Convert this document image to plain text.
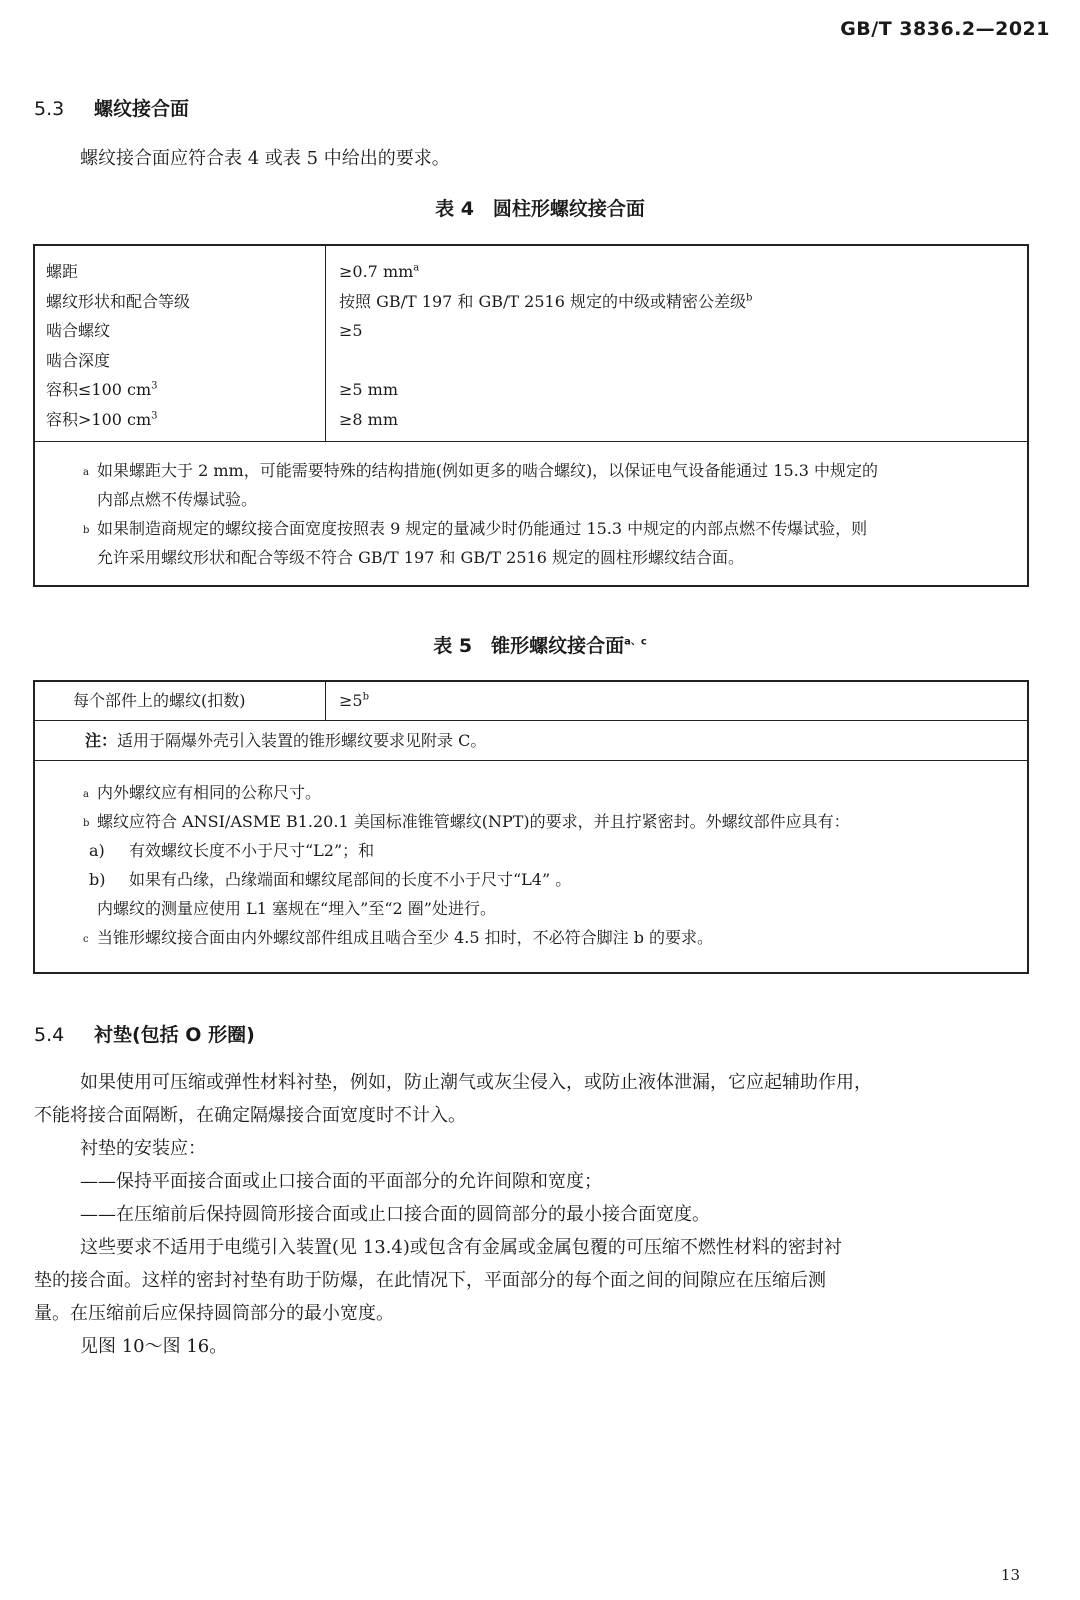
GB/T 3836.2—2021
5.3 螺纹接合面
螺纹接合面应符合表 4 或表 5 中给出的要求。
表 4　圆柱形螺纹接合面
螺距
螺纹形状和配合等级
啮合螺纹
啮合深度
容积≤100 $cm^3$
容积>100 $cm^3$
≥0.7 $mm^a$
按照 GB/T 197 和 GB/T 2516 规定的中级或精密公差级$^b$
≥5

≥5 mm
≥8 mm
a 如果螺距大于 2 mm，可能需要特殊的结构措施(例如更多的啮合螺纹)，以保证电气设备能通过 15.3 中规定的
内部点燃不传爆试验。
b 如果制造商规定的螺纹接合面宽度按照表 9 规定的量减少时仍能通过 15.3 中规定的内部点燃不传爆试验，则
允许采用螺纹形状和配合等级不符合 GB/T 197 和 GB/T 2516 规定的圆柱形螺纹结合面。
表 5　锥形螺纹接合面$^{a、c}$
每个部件上的螺纹(扣数)	$\ge 5^b$
注：适用于隔爆外壳引入装置的锥形螺纹要求见附录 C。
a 内外螺纹应有相同的公称尺寸。
b 螺纹应符合 ANSI/ASME B1.20.1 美国标准锥管螺纹(NPT)的要求，并且拧紧密封。外螺纹部件应具有：
a) 有效螺纹长度不小于尺寸“L2”；和
b) 如果有凸缘，凸缘端面和螺纹尾部间的长度不小于尺寸“L4” 。
内螺纹的测量应使用 L1 塞规在“埋入”至“2 圈”处进行。
c 当锥形螺纹接合面由内外螺纹部件组成且啮合至少 4.5 扣时，不必符合脚注 b 的要求。
5.4 衬垫(包括 O 形圈)
如果使用可压缩或弹性材料衬垫，例如，防止潮气或灰尘侵入，或防止液体泄漏，它应起辅助作用，
不能将接合面隔断，在确定隔爆接合面宽度时不计入。
衬垫的安装应：
——保持平面接合面或止口接合面的平面部分的允许间隙和宽度；
——在压缩前后保持圆筒形接合面或止口接合面的圆筒部分的最小接合面宽度。
这些要求不适用于电缆引入装置(见 13.4)或包含有金属或金属包覆的可压缩不燃性材料的密封衬
垫的接合面。这样的密封衬垫有助于防爆，在此情况下，平面部分的每个面之间的间隙应在压缩后测
量。在压缩前后应保持圆筒部分的最小宽度。
见图 10～图 16。
13
